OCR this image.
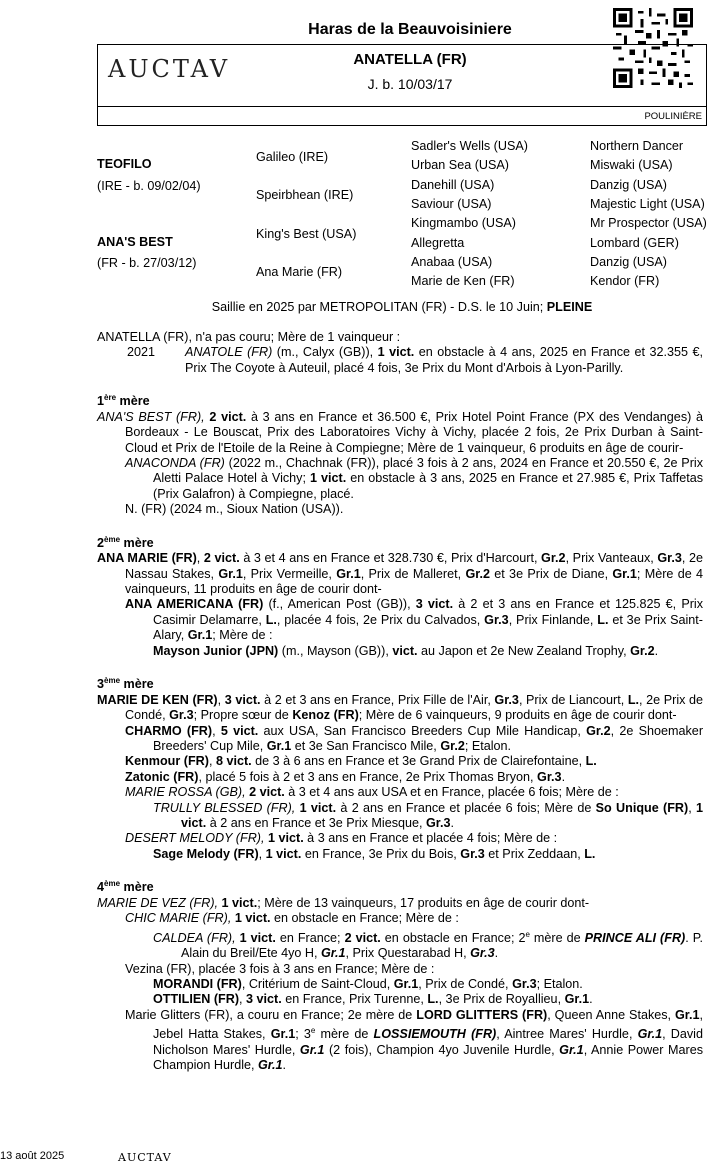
Haras de la Beauvoisiniere
AUCTAV	ANATELLA (FR)
J. b. 10/03/17
POULINIÈRE
TEOFILO
(IRE - b. 09/02/04)
ANA'S BEST
(FR - b. 27/03/12)
Galileo (IRE)
Speirbhean (IRE)
King's Best (USA)
Ana Marie (FR)
Sadler's Wells (USA)
Urban Sea (USA)
Danehill (USA)
Saviour (USA)
Kingmambo (USA)
Allegretta
Anabaa (USA)
Marie de Ken (FR)
Northern Dancer
Miswaki (USA)
Danzig (USA)
Majestic Light (USA)
Mr Prospector (USA)
Lombard (GER)
Danzig (USA)
Kendor (FR)
Saillie en 2025 par METROPOLITAN (FR) - D.S. le 10 Juin; PLEINE

ANATELLA (FR), n'a pas couru; Mère de 1 vainqueur :

2021 ANATOLE (FR) (m., Calyx (GB)), 1 vict. en obstacle à 4 ans, 2025 en France et 32.355 €, Prix The Coyote à Auteuil, placé 4 fois, 3e Prix du Mont d'Arbois à Lyon-Parilly.

1ère mère

ANA'S BEST (FR), 2 vict. à 3 ans en France et 36.500 €, Prix Hotel Point France (PX des Vendanges) à Bordeaux - Le Bouscat, Prix des Laboratoires Vichy à Vichy, placée 2 fois, 2e Prix Durban à Saint-Cloud et Prix de l'Etoile de la Reine à Compiegne; Mère de 1 vainqueur, 6 produits en âge de courir-

ANACONDA (FR) (2022 m., Chachnak (FR)), placé 3 fois à 2 ans, 2024 en France et 20.550 €, 2e Prix Aletti Palace Hotel à Vichy; 1 vict. en obstacle à 3 ans, 2025 en France et 27.985 €, Prix Taffetas (Prix Galafron) à Compiegne, placé.

N. (FR) (2024 m., Sioux Nation (USA)).

2ème mère

ANA MARIE (FR), 2 vict. à 3 et 4 ans en France et 328.730 €, Prix d'Harcourt, Gr.2, Prix Vanteaux, Gr.3, 2e Nassau Stakes, Gr.1, Prix Vermeille, Gr.1, Prix de Malleret, Gr.2 et 3e Prix de Diane, Gr.1; Mère de 4 vainqueurs, 11 produits en âge de courir dont-

ANA AMERICANA (FR) (f., American Post (GB)), 3 vict. à 2 et 3 ans en France et 125.825 €, Prix Casimir Delamarre, L., placée 4 fois, 2e Prix du Calvados, Gr.3, Prix Finlande, L. et 3e Prix Saint-Alary, Gr.1; Mère de :

Mayson Junior (JPN) (m., Mayson (GB)), vict. au Japon et 2e New Zealand Trophy, Gr.2.

3ème mère

MARIE DE KEN (FR), 3 vict. à 2 et 3 ans en France, Prix Fille de l'Air, Gr.3, Prix de Liancourt, L., 2e Prix de Condé, Gr.3; Propre sœur de Kenoz (FR); Mère de 6 vainqueurs, 9 produits en âge de courir dont-

CHARMO (FR), 5 vict. aux USA, San Francisco Breeders Cup Mile Handicap, Gr.2, 2e Shoemaker Breeders' Cup Mile, Gr.1 et 3e San Francisco Mile, Gr.2; Etalon.

Kenmour (FR), 8 vict. de 3 à 6 ans en France et 3e Grand Prix de Clairefontaine, L.

Zatonic (FR), placé 5 fois à 2 et 3 ans en France, 2e Prix Thomas Bryon, Gr.3.

MARIE ROSSA (GB), 2 vict. à 3 et 4 ans aux USA et en France, placée 6 fois; Mère de :

TRULLY BLESSED (FR), 1 vict. à 2 ans en France et placée 6 fois; Mère de So Unique (FR), 1 vict. à 2 ans en France et 3e Prix Miesque, Gr.3.

DESERT MELODY (FR), 1 vict. à 3 ans en France et placée 4 fois; Mère de :

Sage Melody (FR), 1 vict. en France, 3e Prix du Bois, Gr.3 et Prix Zeddaan, L.

4ème mère

MARIE DE VEZ (FR), 1 vict.; Mère de 13 vainqueurs, 17 produits en âge de courir dont-

CHIC MARIE (FR), 1 vict. en obstacle en France; Mère de :

CALDEA (FR), 1 vict. en France; 2 vict. en obstacle en France; 2e mère de PRINCE ALI (FR). P. Alain du Breil/Ete 4yo H, Gr.1, Prix Questarabad H, Gr.3.

Vezina (FR), placée 3 fois à 3 ans en France; Mère de :

MORANDI (FR), Critérium de Saint-Cloud, Gr.1, Prix de Condé, Gr.3; Etalon.

OTTILIEN (FR), 3 vict. en France, Prix Turenne, L., 3e Prix de Royallieu, Gr.1.

Marie Glitters (FR), a couru en France; 2e mère de LORD GLITTERS (FR), Queen Anne Stakes, Gr.1, Jebel Hatta Stakes, Gr.1; 3e mère de LOSSIEMOUTH (FR), Aintree Mares' Hurdle, Gr.1, David Nicholson Mares' Hurdle, Gr.1 (2 fois), Champion 4yo Juvenile Hurdle, Gr.1, Annie Power Mares Champion Hurdle, Gr.1.

13 août 2025	AUCTAV
